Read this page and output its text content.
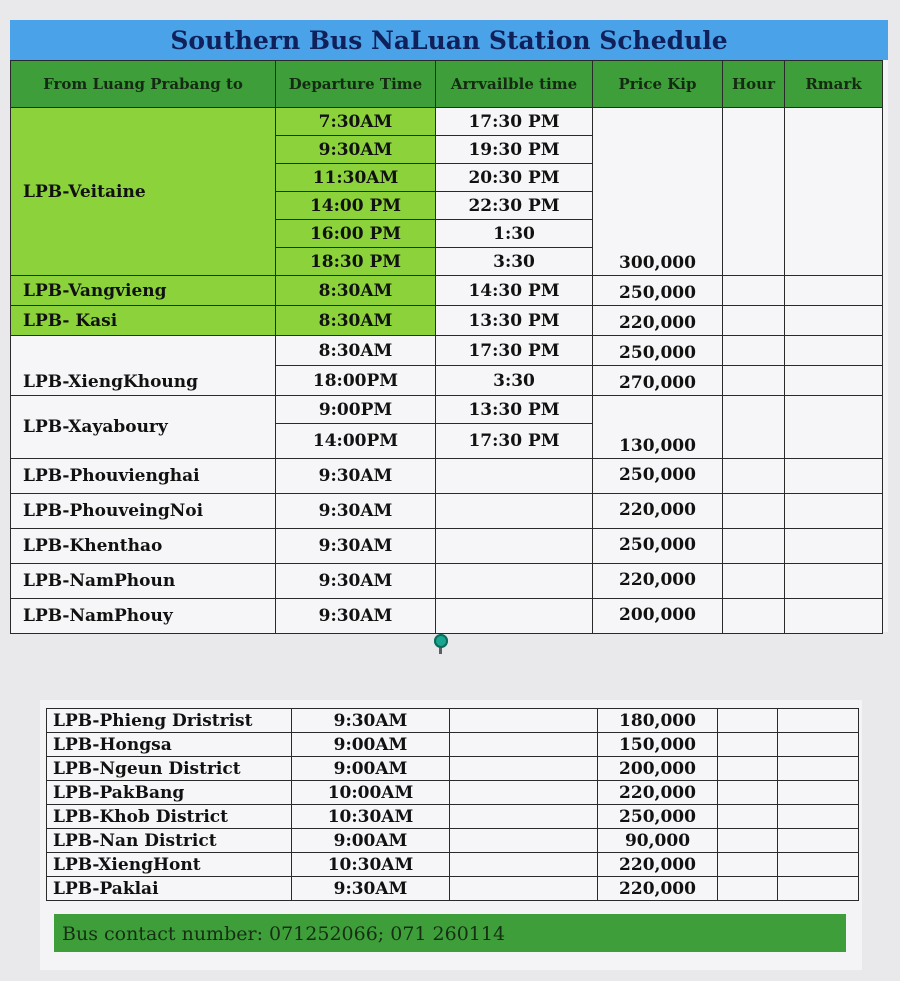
Southern Bus NaLuan Station Schedule
From Luang Prabang to	Departure Time	Arrvailble time	Price Kip	Hour	Rmark
LPB-Veitaine	7:30AM	17:30 PM	300,000		
	9:30AM	19:30 PM			
	11:30AM	20:30 PM			
	14:00 PM	22:30 PM			
	16:00 PM	1:30			
	18:30 PM	3:30			
LPB-Vangvieng	8:30AM	14:30 PM	250,000		
LPB- Kasi	8:30AM	13:30 PM	220,000		
LPB-XiengKhoung	8:30AM	17:30 PM	250,000		
	18:00PM	3:30	270,000		
LPB-Xayaboury	9:00PM	13:30 PM	130,000		
	14:00PM	17:30 PM			
LPB-Phouvienghai	9:30AM		250,000		
LPB-PhouveingNoi	9:30AM		220,000		
LPB-Khenthao	9:30AM		250,000		
LPB-NamPhoun	9:30AM		220,000		
LPB-NamPhouy	9:30AM		200,000		
LPB-Phieng Dristrist	9:30AM		180,000		
LPB-Hongsa	9:00AM		150,000		
LPB-Ngeun District	9:00AM		200,000		
LPB-PakBang	10:00AM		220,000		
LPB-Khob District	10:30AM		250,000		
LPB-Nan District	9:00AM		90,000		
LPB-XiengHont	10:30AM		220,000		
LPB-Paklai	9:30AM		220,000		
Bus contact number: 071252066; 071 260114
